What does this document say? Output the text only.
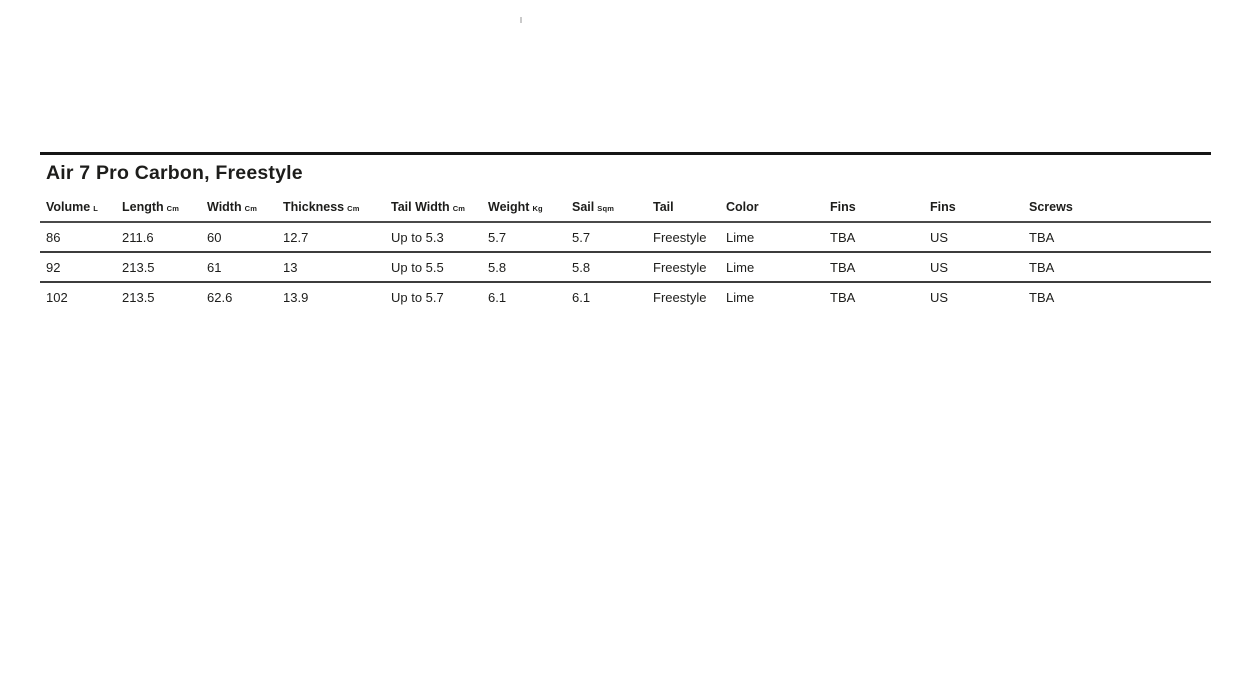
Air 7 Pro Carbon, Freestyle
Volume L	Length Cm	Width Cm	Thickness Cm	Tail Width Cm	Weight Kg	Sail Sqm	Tail	Color	Fins	Fins	Screws
86	211.6	60	12.7	Up to 5.3	5.7	5.7	Freestyle	Lime	TBA	US	TBA
92	213.5	61	13	Up to 5.5	5.8	5.8	Freestyle	Lime	TBA	US	TBA
102	213.5	62.6	13.9	Up to 5.7	6.1	6.1	Freestyle	Lime	TBA	US	TBA
